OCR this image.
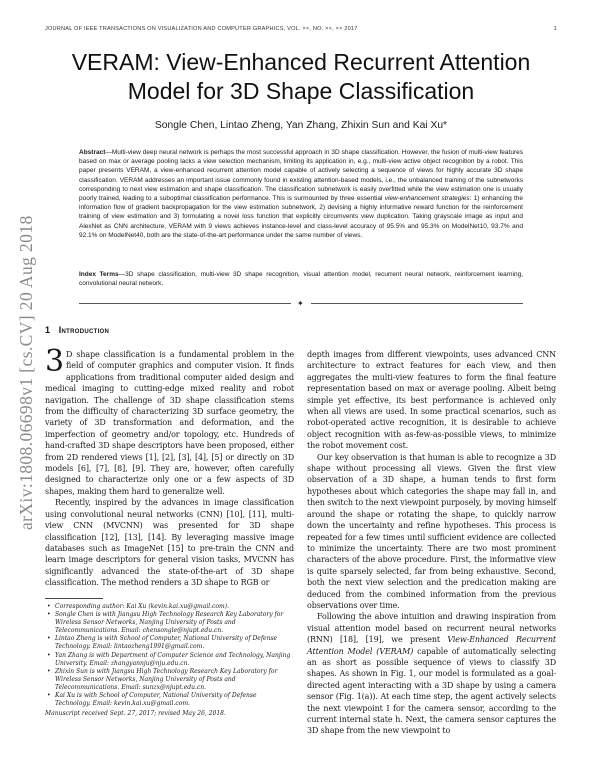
JOURNAL OF IEEE TRANSACTIONS ON VISUALIZATION AND COMPUTER GRAPHICS, VOL. ××, NO. ××, ×× 2017	1
arXiv:1808.06698v1 [cs.CV] 20 Aug 2018
VERAM: View-Enhanced Recurrent Attention
Model for 3D Shape Classification
Songle Chen, Lintao Zheng, Yan Zhang, Zhixin Sun and Kai Xu*
Abstract—Multi-view deep neural network is perhaps the most successful approach in 3D shape classification. However, the fusion of multi-view features based on max or average pooling lacks a view selection mechanism, limiting its application in, e.g., multi-view active object recognition by a robot. This paper presents VERAM, a view-enhanced recurrent attention model capable of actively selecting a sequence of views for highly accurate 3D shape classification. VERAM addresses an important issue commonly found in existing attention-based models, i.e., the unbalanced training of the subnetworks corresponding to next view estimation and shape classification. The classification subnetwork is easily overfitted while the view estimation one is usually poorly trained, leading to a suboptimal classification performance. This is surmounted by three essential view-enhancement strategies: 1) enhancing the information flow of gradient backpropagation for the view estimation subnetwork, 2) devising a highly informative reward function for the reinforcement training of view estimation and 3) formulating a novel loss function that explicitly circumvents view duplication. Taking grayscale image as input and AlexNet as CNN architecture, VERAM with 9 views achieves instance-level and class-level accuracy of 95.5% and 95.3% on ModelNet10, 93.7% and 92.1% on ModelNet40, both are the state-of-the-art performance under the same number of views.
Index Terms—3D shape classification, multi-view 3D shape recognition, visual attention model, recurrent neural network, reinforcement learning, convolutional neural network.
✦
1 Introduction

3 D shape classification is a fundamental problem in the field of computer graphics and computer vision. It finds applications from traditional computer aided design and medical imaging to cutting-edge mixed reality and robot navigation. The challenge of 3D shape classification stems from the difficulty of characterizing 3D surface geometry, the variety of 3D transformation and deformation, and the imperfection of geometry and/or topology, etc. Hundreds of hand-crafted 3D shape descriptors have been proposed, either from 2D rendered views [1], [2], [3], [4], [5] or directly on 3D models [6], [7], [8], [9]. They are, however, often carefully designed to characterize only one or a few aspects of 3D shapes, making them hard to generalize well.

Recently, inspired by the advances in image classification using convolutional neural networks (CNN) [10], [11], multi-view CNN (MVCNN) was presented for 3D shape classification [12], [13], [14]. By leveraging massive image databases such as ImageNet [15] to pre-train the CNN and learn image descriptors for general vision tasks, MVCNN has significantly advanced the state-of-the-art of 3D shape classification. The method renders a 3D shape to RGB or

• Corresponding author: Kai Xu (kevin.kai.xu@gmail.com).
• Songle Chen is with Jiangsu High Technology Research Key Laboratory for Wireless Sensor Networks, Nanjing University of Posts and Telecommunications. Email: chensongle@njupt.edu.cn.
• Lintao Zheng is with School of Computer, National University of Defense Technology. Email: lintaozheng1991@gmail.com.
• Yan Zhang is with Department of Computer Science and Technology, Nanjing University. Email: zhangyannju@nju.edu.cn.
• Zhixin Sun is with Jiangsu High Technology Research Key Laboratory for Wireless Sensor Networks, Nanjing University of Posts and Telecommunications. Email: sunzx@njupt.edu.cn.
• Kai Xu is with School of Computer, National University of Defense Technology. Email: kevin.kai.xu@gmail.com.
Manuscript received Sept. 27, 2017; revised May 26, 2018.

depth images from different viewpoints, uses advanced CNN architecture to extract features for each view, and then aggregates the multi-view features to form the final feature representation based on max or average pooling. Albeit being simple yet effective, its best performance is achieved only when all views are used. In some practical scenarios, such as robot-operated active recognition, it is desirable to achieve object recognition with as-few-as-possible views, to minimize the robot movement cost.

Our key observation is that human is able to recognize a 3D shape without processing all views. Given the first view observation of a 3D shape, a human tends to first form hypotheses about which categories the shape may fall in, and then switch to the next viewpoint purposely, by moving himself around the shape or rotating the shape, to quickly narrow down the uncertainty and refine hypotheses. This process is repeated for a few times until sufficient evidence are collected to minimize the uncertainty. There are two most prominent characters of the above procedure. First, the informative view is quite sparsely selected, far from being exhaustive. Second, both the next view selection and the predication making are deduced from the combined information from the previous observations over time.

Following the above intuition and drawing inspiration from visual attention model based on recurrent neural networks (RNN) [18], [19], we present View-Enhanced Recurrent Attention Model (VERAM) capable of automatically selecting an as short as possible sequence of views to classify 3D shapes. As shown in Fig. 1, our model is formulated as a goal-directed agent interacting with a 3D shape by using a camera sensor (Fig. 1(a)). At each time step, the agent actively selects the next viewpoint I for the camera sensor, according to the current internal state h. Next, the camera sensor captures the 3D shape from the new viewpoint to
